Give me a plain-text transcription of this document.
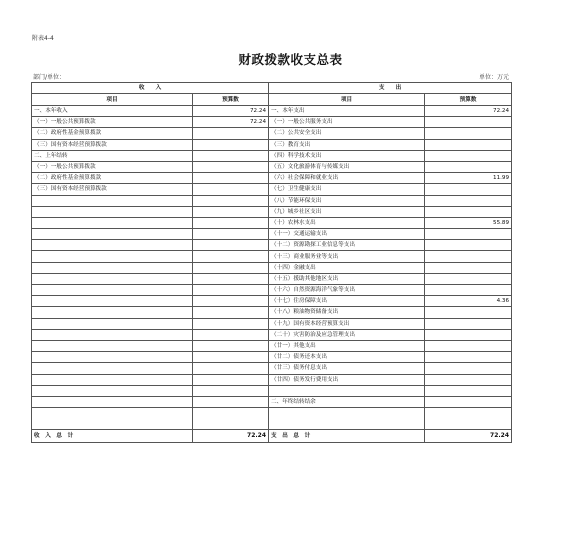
附表4-4
财政拨款收支总表
部门/单位：	单位：万元
收　　入		支　　出	
项目	预算数	项目	预算数
一、本年收入	72.24	一、本年支出	72.24
（一）一般公共预算拨款	72.24	（一）一般公共服务支出	
（二）政府性基金预算拨款		（二）公共安全支出	
（三）国有资本经营预算拨款		（三）教育支出	
二、上年结转		（四）科学技术支出	
（一）一般公共预算拨款		（五）文化旅游体育与传媒支出	
（二）政府性基金预算拨款		（六）社会保障和就业支出	11.99
（三）国有资本经营预算拨款		（七）卫生健康支出	
		（八）节能环保支出	
		（九）城乡社区支出	
		（十）农林水支出	55.89
		（十一）交通运输支出	
		（十二）资源勘探工业信息等支出	
		（十三）商业服务业等支出	
		（十四）金融支出	
		（十五）援助其他地区支出	
		（十六）自然资源海洋气象等支出	
		（十七）住房保障支出	4.36
		（十八）粮油物资储备支出	
		（十九）国有资本经营预算支出	
		（二十）灾害防治及应急管理支出	
		（廿一）其他支出	
		（廿二）债务还本支出	
		（廿三）债务付息支出	
		（廿四）债务发行费用支出	

		二、年终结转结余	

收　入　总　计	72.24	支　出　总　计	72.24
